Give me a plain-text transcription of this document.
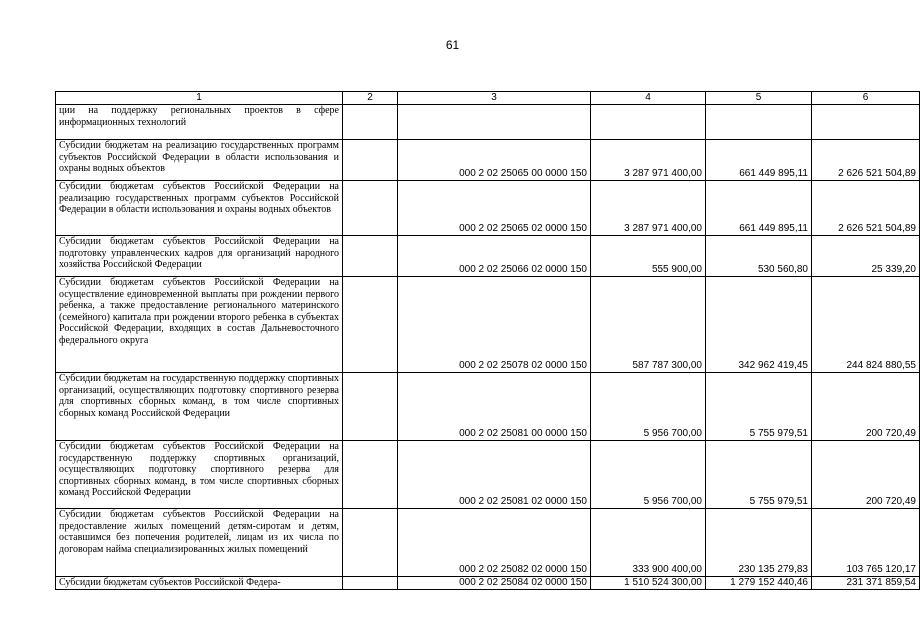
61
1	2	3	4	5	6
ции на поддержку региональных проектов в сфере информационных технологий					
Субсидии бюджетам на реализацию государственных программ субъектов Российской Федерации в области использования и охраны водных объектов		000 2 02 25065 00 0000 150	3 287 971 400,00	661 449 895,11	2 626 521 504,89
Субсидии бюджетам субъектов Российской Федерации на реализацию государственных программ субъектов Российской Федерации в области использования и охраны водных объектов		000 2 02 25065 02 0000 150	3 287 971 400,00	661 449 895,11	2 626 521 504,89
Субсидии бюджетам субъектов Российской Федерации на подготовку управленческих кадров для организаций народного хозяйства Российской Федерации		000 2 02 25066 02 0000 150	555 900,00	530 560,80	25 339,20
Субсидии бюджетам субъектов Российской Федерации на осуществление единовременной выплаты при рождении первого ребенка, а также предоставление регионального материнского (семейного) капитала при рождении второго ребенка в субъектах Российской Федерации, входящих в состав Дальневосточного федерального округа		000 2 02 25078 02 0000 150	587 787 300,00	342 962 419,45	244 824 880,55
Субсидии бюджетам на государственную поддержку спортивных организаций, осуществляющих подготовку спортивного резерва для спортивных сборных команд, в том числе спортивных сборных команд Российской Федерации		000 2 02 25081 00 0000 150	5 956 700,00	5 755 979,51	200 720,49
Субсидии бюджетам субъектов Российской Федерации на государственную поддержку спортивных организаций, осуществляющих подготовку спортивного резерва для спортивных сборных команд, в том числе спортивных сборных команд Российской Федерации		000 2 02 25081 02 0000 150	5 956 700,00	5 755 979,51	200 720,49
Субсидии бюджетам субъектов Российской Федерации на предоставление жилых помещений детям-сиротам и детям, оставшимся без попечения родителей, лицам из их числа по договорам найма специализированных жилых помещений		000 2 02 25082 02 0000 150	333 900 400,00	230 135 279,83	103 765 120,17
Субсидии бюджетам субъектов Российской Федера-		000 2 02 25084 02 0000 150	1 510 524 300,00	1 279 152 440,46	231 371 859,54
